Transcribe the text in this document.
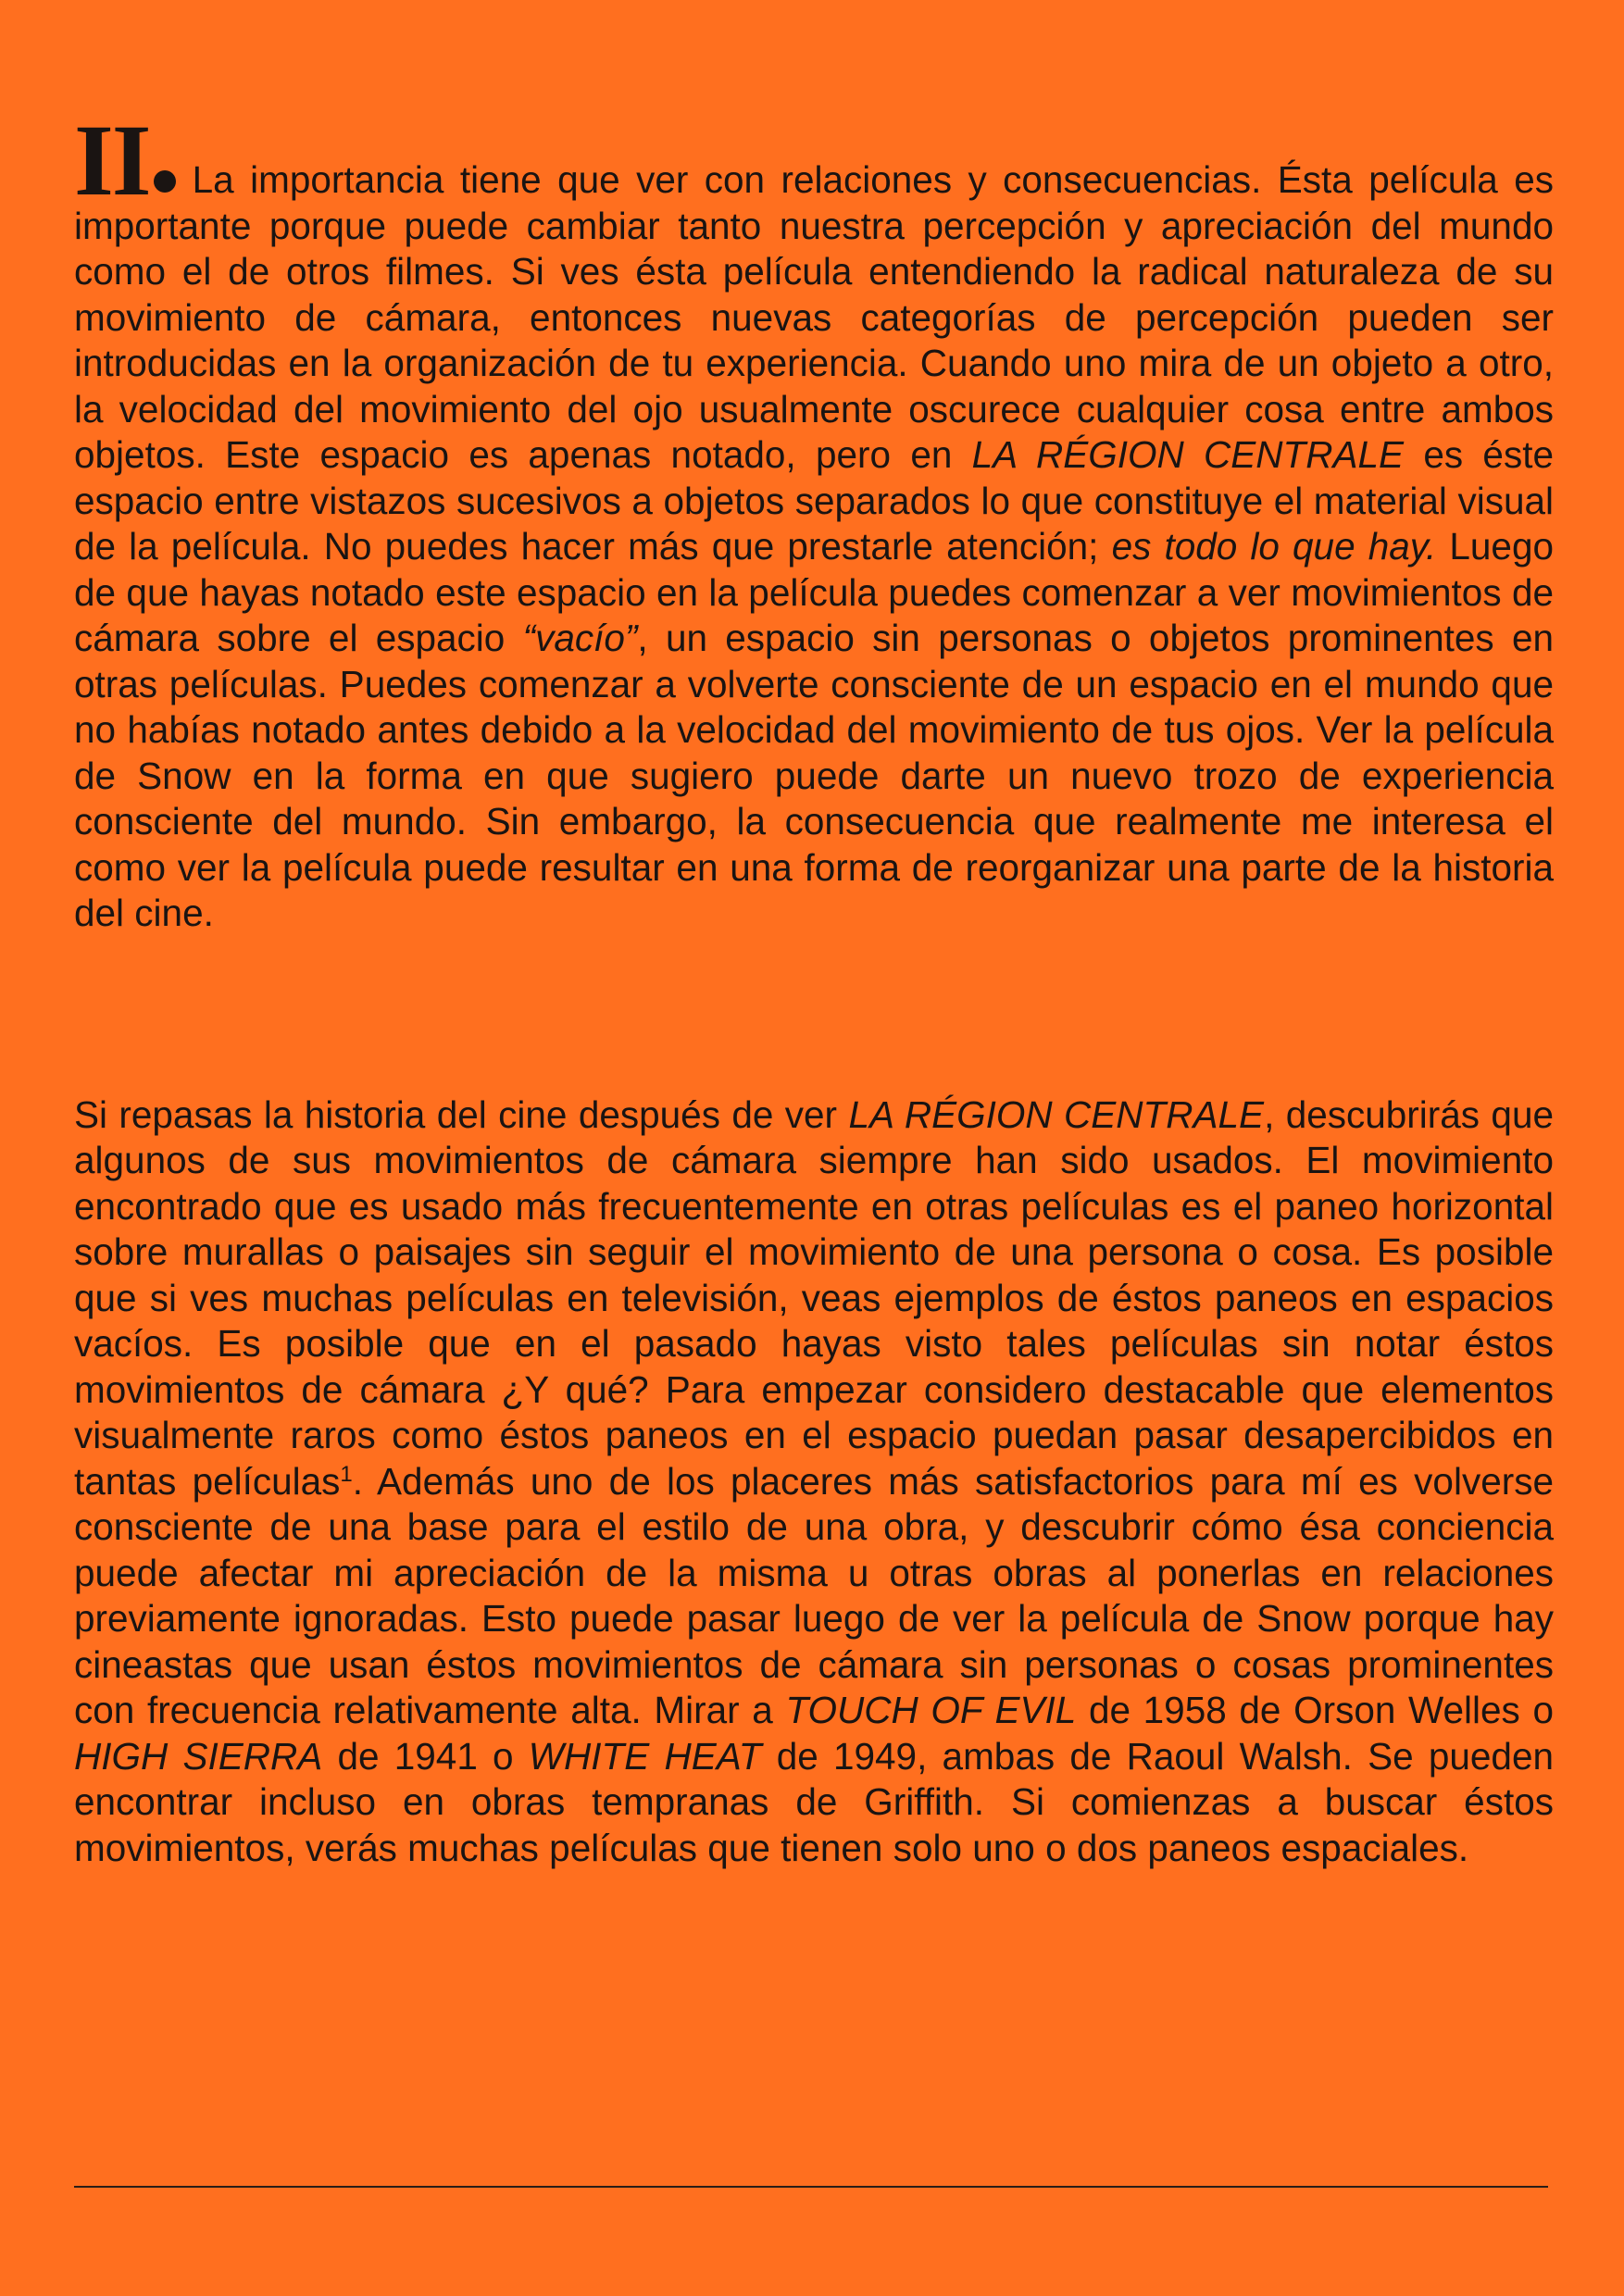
II La importancia tiene que ver con relaciones y consecuencias. Ésta película es importante porque puede cambiar tanto nuestra percepción y apreciación del mundo como el de otros filmes. Si ves ésta película entendiendo la radical naturaleza de su movimiento de cámara, entonces nuevas categorías de percepción pueden ser introducidas en la organización de tu experiencia. Cuando uno mira de un objeto a otro, la velocidad del movimiento del ojo usualmente oscurece cualquier cosa entre ambos objetos. Este espacio es apenas notado, pero en LA RÉGION CENTRALE es éste espacio entre vistazos sucesivos a objetos separados lo que constituye el material visual de la película. No puedes hacer más que prestarle atención; es todo lo que hay. Luego de que hayas notado este espacio en la película puedes comenzar a ver movimientos de cámara sobre el espacio “vacío”, un espacio sin personas o objetos prominentes en otras películas. Puedes comenzar a volverte consciente de un espacio en el mundo que no habías notado antes debido a la velocidad del movimiento de tus ojos. Ver la película de Snow en la forma en que sugiero puede darte un nuevo trozo de experiencia consciente del mundo. Sin embargo, la consecuencia que realmente me interesa el como ver la película puede resultar en una forma de reorganizar una parte de la historia del cine.

Si repasas la historia del cine después de ver LA RÉGION CENTRALE, descubrirás que algunos de sus movimientos de cámara siempre han sido usados. El movimiento encontrado que es usado más frecuentemente en otras películas es el paneo horizontal sobre murallas o paisajes sin seguir el movimiento de una persona o cosa. Es posible que si ves muchas películas en televisión, veas ejemplos de éstos paneos en espacios vacíos. Es posible que en el pasado hayas visto tales películas sin notar éstos movimientos de cámara ¿Y qué? Para empezar considero destacable que elementos visualmente raros como éstos paneos en el espacio puedan pasar desapercibidos en tantas películas$^1$. Además uno de los placeres más satisfactorios para mí es volverse consciente de una base para el estilo de una obra, y descubrir cómo ésa conciencia puede afectar mi apreciación de la misma u otras obras al ponerlas en relaciones previamente ignoradas. Esto puede pasar luego de ver la película de Snow porque hay cineastas que usan éstos movimientos de cámara sin personas o cosas prominentes con frecuencia relativamente alta. Mirar a TOUCH OF EVIL de 1958 de Orson Welles o HIGH SIERRA de 1941 o WHITE HEAT de 1949, ambas de Raoul Walsh. Se pueden encontrar incluso en obras tempranas de Griffith. Si comienzas a buscar éstos movimientos, verás muchas películas que tienen solo uno o dos paneos espaciales.
